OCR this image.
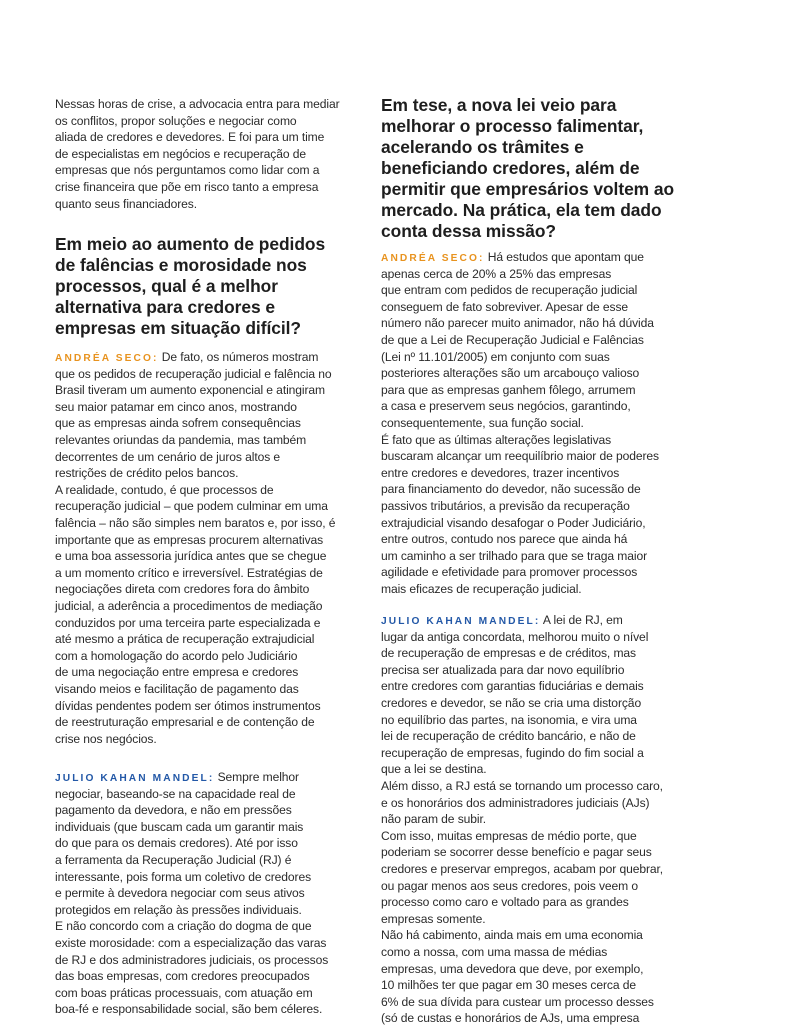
Nessas horas de crise, a advocacia entra para mediar
os conflitos, propor soluções e negociar como
aliada de credores e devedores. E foi para um time
de especialistas em negócios e recuperação de
empresas que nós perguntamos como lidar com a
crise financeira que põe em risco tanto a empresa
quanto seus financiadores.
Em meio ao aumento de pedidos
de falências e morosidade nos
processos, qual é a melhor
alternativa para credores e
empresas em situação difícil?
ANDRÉA SECO: De fato, os números mostram
que os pedidos de recuperação judicial e falência no
Brasil tiveram um aumento exponencial e atingiram
seu maior patamar em cinco anos, mostrando
que as empresas ainda sofrem consequências
relevantes oriundas da pandemia, mas também
decorrentes de um cenário de juros altos e
restrições de crédito pelos bancos.
A realidade, contudo, é que processos de
recuperação judicial – que podem culminar em uma
falência – não são simples nem baratos e, por isso, é
importante que as empresas procurem alternativas
e uma boa assessoria jurídica antes que se chegue
a um momento crítico e irreversível. Estratégias de
negociações direta com credores fora do âmbito
judicial, a aderência a procedimentos de mediação
conduzidos por uma terceira parte especializada e
até mesmo a prática de recuperação extrajudicial
com a homologação do acordo pelo Judiciário
de uma negociação entre empresa e credores
visando meios e facilitação de pagamento das
dívidas pendentes podem ser ótimos instrumentos
de reestruturação empresarial e de contenção de
crise nos negócios.
JULIO KAHAN MANDEL: Sempre melhor
negociar, baseando-se na capacidade real de
pagamento da devedora, e não em pressões
individuais (que buscam cada um garantir mais
do que para os demais credores). Até por isso
a ferramenta da Recuperação Judicial (RJ) é
interessante, pois forma um coletivo de credores
e permite à devedora negociar com seus ativos
protegidos em relação às pressões individuais.
E não concordo com a criação do dogma de que
existe morosidade: com a especialização das varas
de RJ e dos administradores judiciais, os processos
das boas empresas, com credores preocupados
com boas práticas processuais, com atuação em
boa-fé e responsabilidade social, são bem céleres.
Em tese, a nova lei veio para
melhorar o processo falimentar,
acelerando os trâmites e
beneficiando credores, além de
permitir que empresários voltem ao
mercado. Na prática, ela tem dado
conta dessa missão?
ANDRÉA SECO: Há estudos que apontam que
apenas cerca de 20% a 25% das empresas
que entram com pedidos de recuperação judicial
conseguem de fato sobreviver. Apesar de esse
número não parecer muito animador, não há dúvida
de que a Lei de Recuperação Judicial e Falências
(Lei nº 11.101/2005) em conjunto com suas
posteriores alterações são um arcabouço valioso
para que as empresas ganhem fôlego, arrumem
a casa e preservem seus negócios, garantindo,
consequentemente, sua função social.
É fato que as últimas alterações legislativas
buscaram alcançar um reequilíbrio maior de poderes
entre credores e devedores, trazer incentivos
para financiamento do devedor, não sucessão de
passivos tributários, a previsão da recuperação
extrajudicial visando desafogar o Poder Judiciário,
entre outros, contudo nos parece que ainda há
um caminho a ser trilhado para que se traga maior
agilidade e efetividade para promover processos
mais eficazes de recuperação judicial.
JULIO KAHAN MANDEL: A lei de RJ, em
lugar da antiga concordata, melhorou muito o nível
de recuperação de empresas e de créditos, mas
precisa ser atualizada para dar novo equilíbrio
entre credores com garantias fiduciárias e demais
credores e devedor, se não se cria uma distorção
no equilíbrio das partes, na isonomia, e vira uma
lei de recuperação de crédito bancário, e não de
recuperação de empresas, fugindo do fim social a
que a lei se destina.
Além disso, a RJ está se tornando um processo caro,
e os honorários dos administradores judiciais (AJs)
não param de subir.
Com isso, muitas empresas de médio porte, que
poderiam se socorrer desse benefício e pagar seus
credores e preservar empregos, acabam por quebrar,
ou pagar menos aos seus credores, pois veem o
processo como caro e voltado para as grandes
empresas somente.
Não há cabimento, ainda mais em uma economia
como a nossa, com uma massa de médias
empresas, uma devedora que deve, por exemplo,
10 milhões ter que pagar em 30 meses cerca de
6% de sua dívida para custear um processo desses
(só de custas e honorários de AJs, uma empresa
